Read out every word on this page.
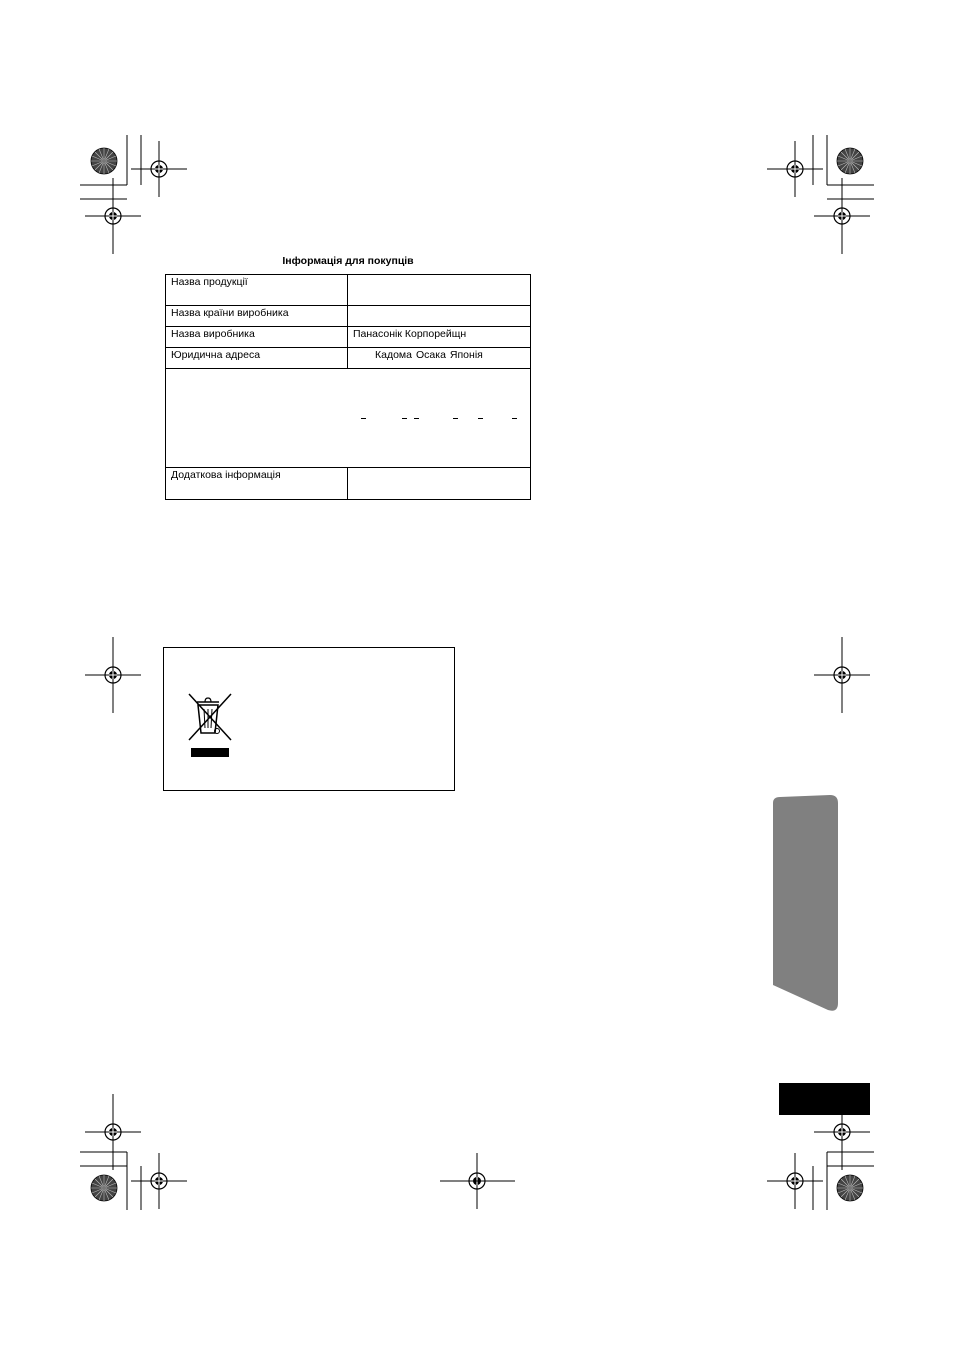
Інформація для покупців
Назва продукції	
Назва країни виробника	
Назва виробника	Панасонік Корпорейщн
Юридична адреса	Кадома Осака Японія

Додаткова інформація	
